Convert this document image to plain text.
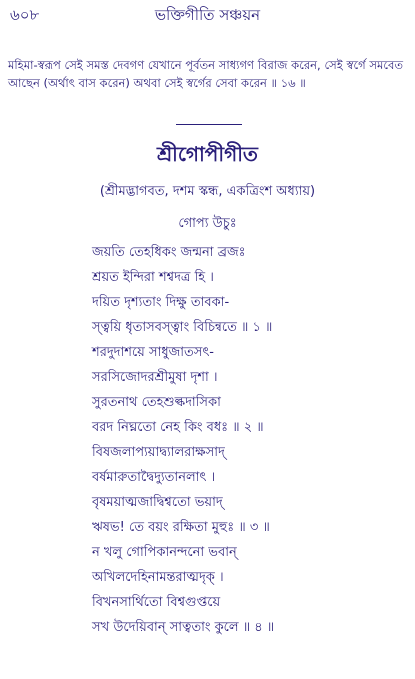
৬০৮	ভক্তিগীতি সঞ্চয়ন

মহিমা-স্বরূপ সেই সমস্ত দেবগণ যেখানে পূর্বতন সাধ্যগণ বিরাজ করেন, সেই স্বর্গে সমবেত আছেন (অর্থাৎ বাস করেন) অথবা সেই স্বর্গের সেবা করেন ॥ ১৬ ॥

শ্রীগোপীগীত
(শ্রীমদ্ভাগবত, দশম স্কন্ধ, একত্রিংশ অধ্যায়)
গোপ্য উচুঃ
জয়তি তেহধিকং জন্মনা ব্রজঃ
শ্রয়ত ইন্দিরা শশ্বদত্র হি ।
দয়িত দৃশ্যতাং দিক্ষু তাবকা-
স্ত্বয়ি ধৃতাসবস্ত্বাং বিচিন্বতে ॥ ১ ॥
শরদুদাশয়ে সাধুজাতসৎ-
সরসিজোদরশ্রীমুষা দৃশা ।
সুরতনাথ তেহশুল্কদাসিকা
বরদ নিঘ্নতো নেহ কিং বধঃ ॥ ২ ॥
বিষজলাপ্যয়াদ্ব্যালরাক্ষসাদ্
বর্ষমারুতাদ্বৈদ্যুতানলাৎ ।
বৃষময়াত্মজাদ্বিশ্বতো ভয়াদ্
ঋষভ! তে বয়ং রক্ষিতা মুহুঃ ॥ ৩ ॥
ন খলু গোপিকানন্দনো ভবান্
অখিলদেহিনামন্তরাত্মদৃক্ ।
বিখনসার্থিতো বিশ্বগুপ্তয়ে
সখ উদেয়িবান্ সাত্বতাং কুলে ॥ ৪ ॥
